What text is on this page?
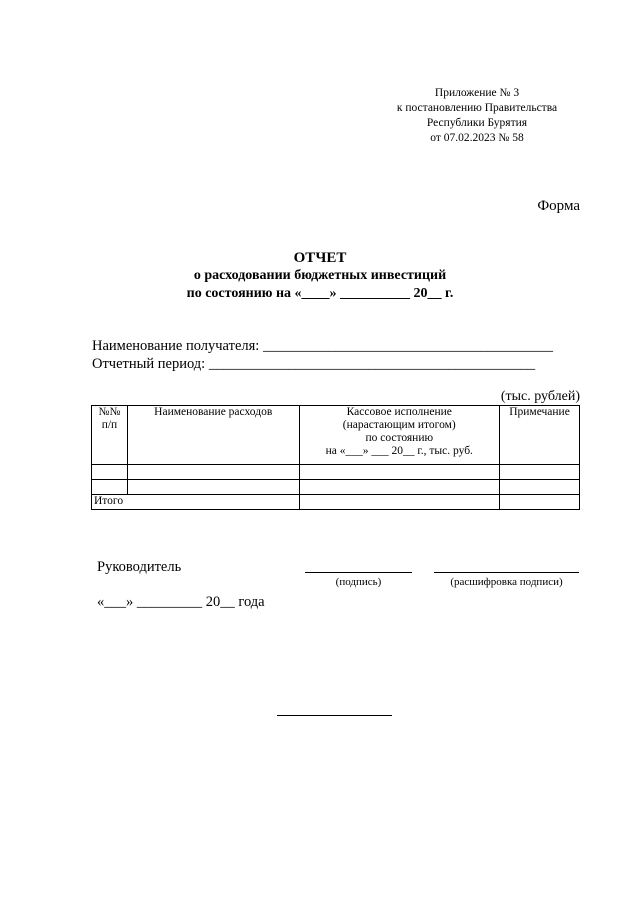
Приложение № 3
к постановлению Правительства
Республики Бурятия
от 07.02.2023 № 58
Форма
ОТЧЕТ
о расходовании бюджетных инвестиций
по состоянию на «____» __________ 20__ г.
Наименование получателя: ________________________________________
Отчетный период: _____________________________________________
(тыс. рублей)
№№ п/п	Наименование расходов	Кассовое исполнение
(нарастающим итогом)
по состоянию
на «___» ___ 20__ г., тыс. руб.	Примечание

Итого			
Руководитель
(подпись)	(расшифровка подписи)
«___» _________ 20__ года
